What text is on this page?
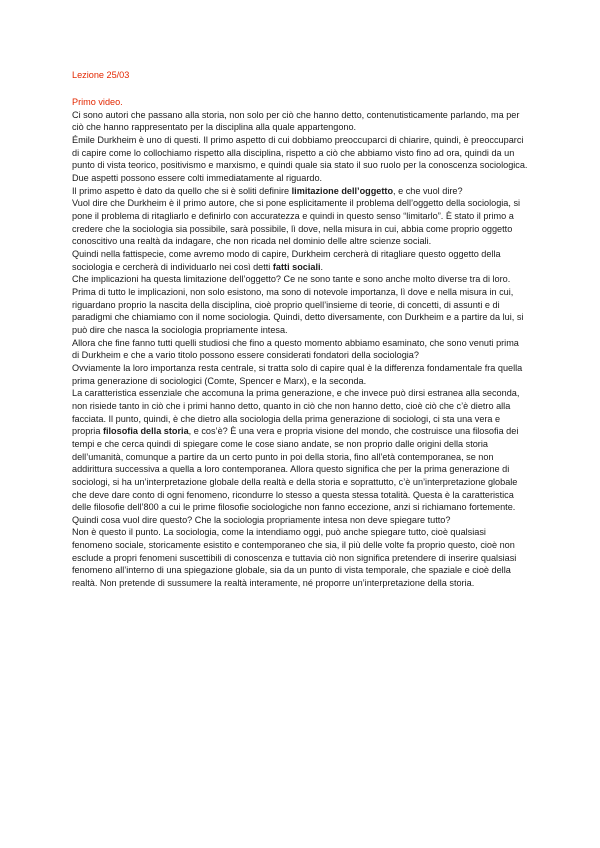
Lezione 25/03
Primo video.

Ci sono autori che passano alla storia, non solo per ciò che hanno detto, contenutisticamente parlando, ma per ciò che hanno rappresentato per la disciplina alla quale appartengono.

Émile Durkheim è uno di questi. Il primo aspetto di cui dobbiamo preoccuparci di chiarire, quindi, è preoccuparci di capire come lo collochiamo rispetto alla disciplina, rispetto a ciò che abbiamo visto fino ad ora, quindi da un punto di vista teorico, positivismo e marxismo, e quindi quale sia stato il suo ruolo per la conoscenza sociologica. Due aspetti possono essere colti immediatamente al riguardo.

Il primo aspetto è dato da quello che si è soliti definire limitazione dell’oggetto, e che vuol dire?

Vuol dire che Durkheim è il primo autore, che si pone esplicitamente il problema dell’oggetto della sociologia, si pone il problema di ritagliarlo e definirlo con accuratezza e quindi in questo senso “limitarlo”. È stato il primo a credere che la sociologia sia possibile, sarà possibile, lì dove, nella misura in cui, abbia come proprio oggetto conoscitivo una realtà da indagare, che non ricada nel dominio delle altre scienze sociali.

Quindi nella fattispecie, come avremo modo di capire, Durkheim cercherà di ritagliare questo oggetto della sociologia e cercherà di individuarlo nei così detti fatti sociali.

Che implicazioni ha questa limitazione dell’oggetto? Ce ne sono tante e sono anche molto diverse tra di loro.

Prima di tutto le implicazioni, non solo esistono, ma sono di notevole importanza, lì dove e nella misura in cui, riguardano proprio la nascita della disciplina, cioè proprio quell’insieme di teorie, di concetti, di assunti e di paradigmi che chiamiamo con il nome sociologia. Quindi, detto diversamente, con Durkheim e a partire da lui, si può dire che nasca la sociologia propriamente intesa.

Allora che fine fanno tutti quelli studiosi che fino a questo momento abbiamo esaminato, che sono venuti prima di Durkheim e che a vario titolo possono essere considerati fondatori della sociologia?

Ovviamente la loro importanza resta centrale, si tratta solo di capire qual è la differenza fondamentale fra quella prima generazione di sociologici (Comte, Spencer e Marx), e la seconda.

La caratteristica essenziale che accomuna la prima generazione, e che invece può dirsi estranea alla seconda, non risiede tanto in ciò che i primi hanno detto, quanto in ciò che non hanno detto, cioè ciò che c’è dietro alla facciata. Il punto, quindi, è che dietro alla sociologia della prima generazione di sociologi, ci sta una vera e propria filosofia della storia, e cos’è? È una vera e propria visione del mondo, che costruisce una filosofia dei tempi e che cerca quindi di spiegare come le cose siano andate, se non proprio dalle origini della storia dell’umanità, comunque a partire da un certo punto in poi della storia, fino all’età contemporanea, se non addirittura successiva a quella a loro contemporanea. Allora questo significa che per la prima generazione di sociologi, si ha un’interpretazione globale della realtà e della storia e soprattutto, c’è un’interpretazione globale che deve dare conto di ogni fenomeno, ricondurre lo stesso a questa stessa totalità. Questa è la caratteristica delle filosofie dell’800 a cui le prime filosofie sociologiche non fanno eccezione, anzi si richiamano fortemente.

Quindi cosa vuol dire questo? Che la sociologia propriamente intesa non deve spiegare tutto?

Non è questo il punto. La sociologia, come la intendiamo oggi, può anche spiegare tutto, cioè qualsiasi fenomeno sociale, storicamente esistito e contemporaneo che sia, il più delle volte fa proprio questo, cioè non esclude a propri fenomeni suscettibili di conoscenza e tuttavia ciò non significa pretendere di inserire qualsiasi fenomeno all’interno di una spiegazione globale, sia da un punto di vista temporale, che spaziale e cioè della realtà. Non pretende di sussumere la realtà interamente, né proporre un’interpretazione della storia.
